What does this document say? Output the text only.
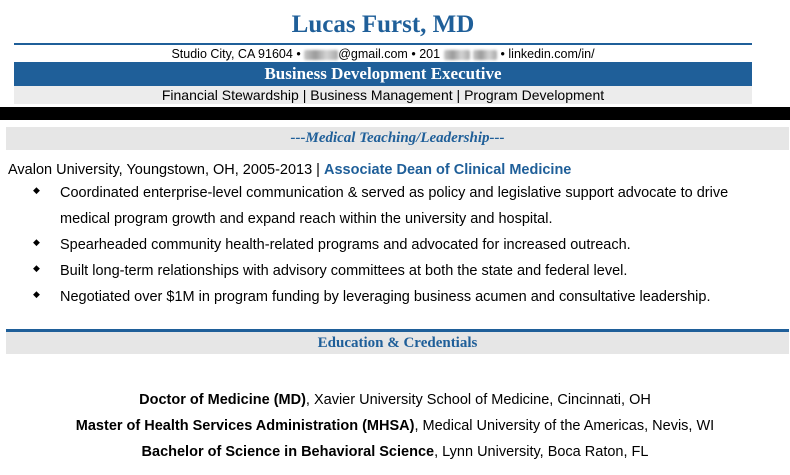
Lucas Furst, MD
Studio City, CA 91604 •	@gmail.com • 201	• linkedin.com/in/
Business Development Executive
Financial Stewardship | Business Management | Program Development
---Medical Teaching/Leadership---
Avalon University, Youngstown, OH, 2005-2013 | Associate Dean of Clinical Medicine
◆ Coordinated enterprise-level communication & served as policy and legislative support advocate to drive medical program growth and expand reach within the university and hospital.
◆ Spearheaded community health-related programs and advocated for increased outreach.
◆ Built long-term relationships with advisory committees at both the state and federal level.
◆ Negotiated over $1M in program funding by leveraging business acumen and consultative leadership.
Education & Credentials
Doctor of Medicine (MD), Xavier University School of Medicine, Cincinnati, OH
Master of Health Services Administration (MHSA), Medical University of the Americas, Nevis, WI
Bachelor of Science in Behavioral Science, Lynn University, Boca Raton, FL
